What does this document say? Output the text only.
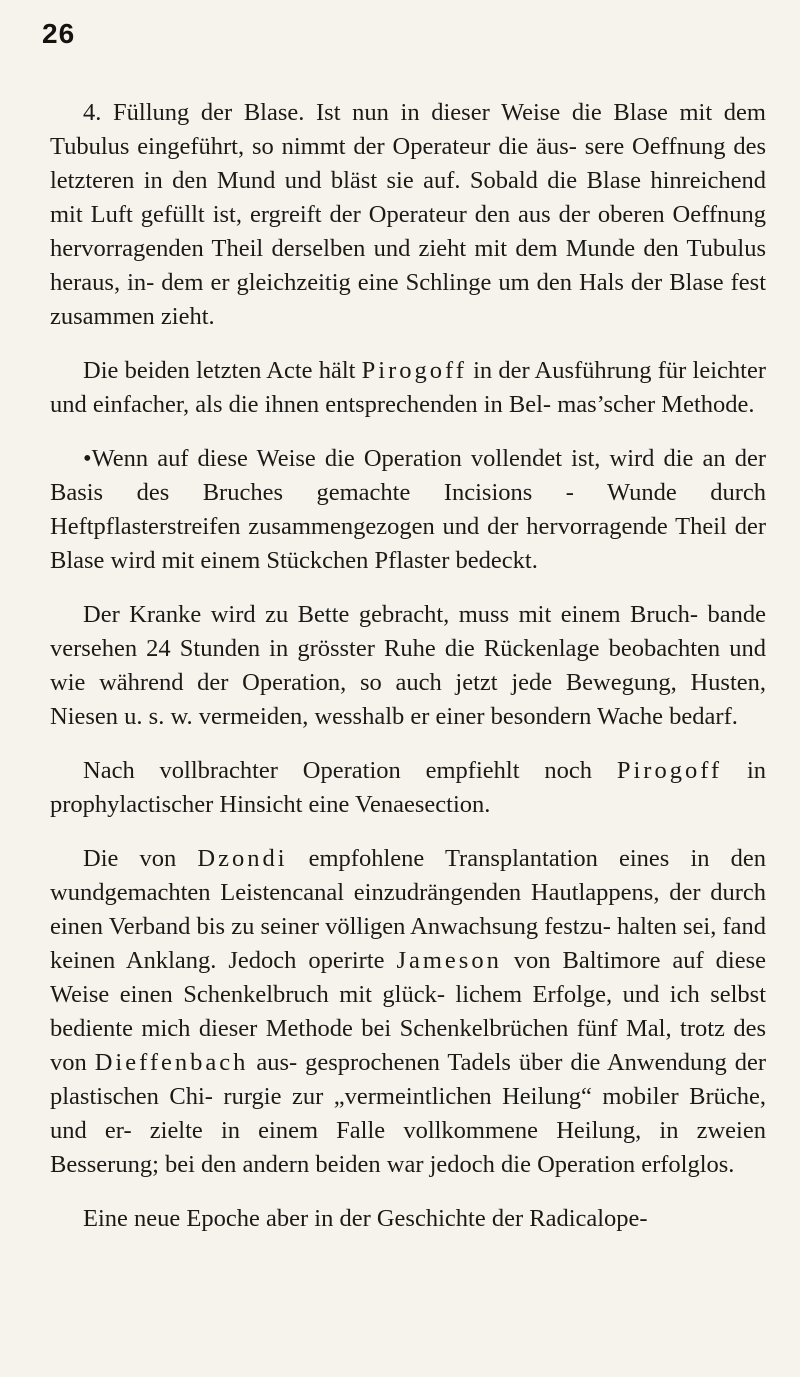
26

4. Füllung der Blase. Ist nun in dieser Weise die Blase mit dem Tubulus eingeführt, so nimmt der Operateur die äus- sere Oeffnung des letzteren in den Mund und bläst sie auf. Sobald die Blase hinreichend mit Luft gefüllt ist, ergreift der Operateur den aus der oberen Oeffnung hervorragenden Theil derselben und zieht mit dem Munde den Tubulus heraus, in- dem er gleichzeitig eine Schlinge um den Hals der Blase fest zusammen zieht.

Die beiden letzten Acte hält Pirogoff in der Ausführung für leichter und einfacher, als die ihnen entsprechenden in Bel- mas’scher Methode.

•Wenn auf diese Weise die Operation vollendet ist, wird die an der Basis des Bruches gemachte Incisions - Wunde durch Heftpflasterstreifen zusammengezogen und der hervorragende Theil der Blase wird mit einem Stückchen Pflaster bedeckt.

Der Kranke wird zu Bette gebracht, muss mit einem Bruch- bande versehen 24 Stunden in grösster Ruhe die Rückenlage beobachten und wie während der Operation, so auch jetzt jede Bewegung, Husten, Niesen u. s. w. vermeiden, wesshalb er einer besondern Wache bedarf.

Nach vollbrachter Operation empfiehlt noch Pirogoff in prophylactischer Hinsicht eine Venaesection.

Die von Dzondi empfohlene Transplantation eines in den wundgemachten Leistencanal einzudrängenden Hautlappens, der durch einen Verband bis zu seiner völligen Anwachsung festzu- halten sei, fand keinen Anklang. Jedoch operirte Jameson von Baltimore auf diese Weise einen Schenkelbruch mit glück- lichem Erfolge, und ich selbst bediente mich dieser Methode bei Schenkelbrüchen fünf Mal, trotz des von Dieffenbach aus- gesprochenen Tadels über die Anwendung der plastischen Chi- rurgie zur „vermeintlichen Heilung“ mobiler Brüche, und er- zielte in einem Falle vollkommene Heilung, in zweien Besserung; bei den andern beiden war jedoch die Operation erfolglos.

Eine neue Epoche aber in der Geschichte der Radicalope-
